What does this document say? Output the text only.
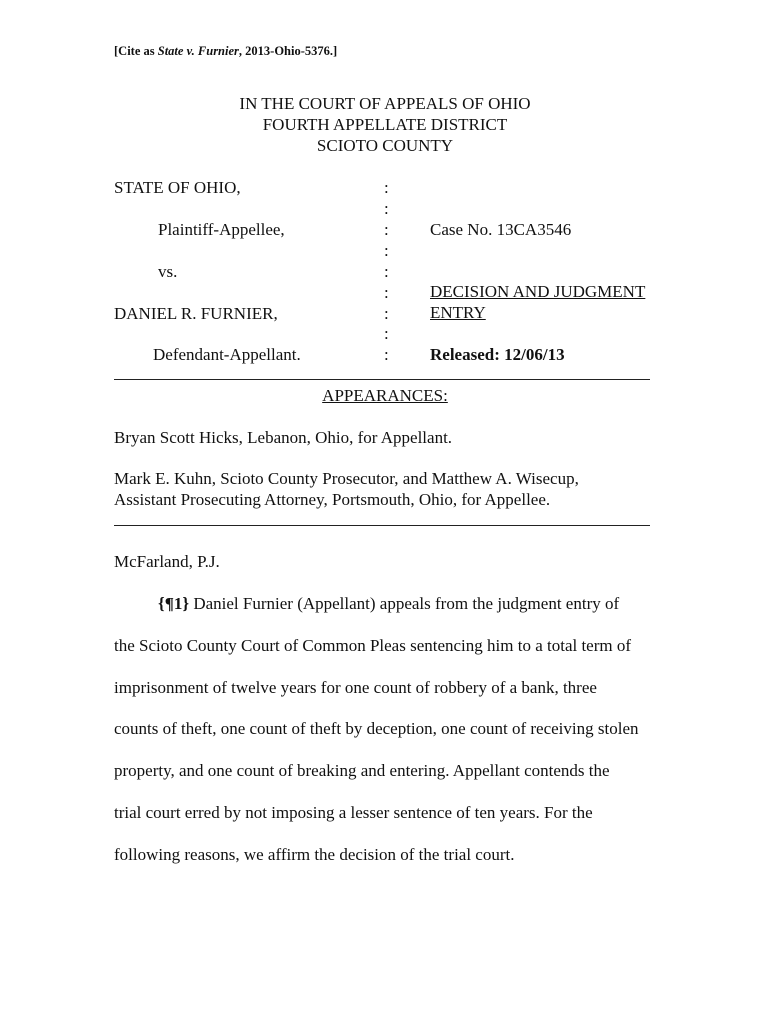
[Cite as State v. Furnier, 2013-Ohio-5376.]
IN THE COURT OF APPEALS OF OHIO
FOURTH APPELLATE DISTRICT
SCIOTO COUNTY
STATE OF OHIO,
Plaintiff-Appellee,
vs.
DANIEL R. FURNIER,
Defendant-Appellant.
:
:
:
:
:
:
:
:
:
Case No. 13CA3546
DECISION AND JUDGMENT
ENTRY
Released: 12/06/13
APPEARANCES:
Bryan Scott Hicks, Lebanon, Ohio, for Appellant.
Mark E. Kuhn, Scioto County Prosecutor, and Matthew A. Wisecup,
Assistant Prosecuting Attorney, Portsmouth, Ohio, for Appellee.
McFarland, P.J.
{¶1} Daniel Furnier (Appellant) appeals from the judgment entry of
the Scioto County Court of Common Pleas sentencing him to a total term of
imprisonment of twelve years for one count of robbery of a bank, three
counts of theft, one count of theft by deception, one count of receiving stolen
property, and one count of breaking and entering. Appellant contends the
trial court erred by not imposing a lesser sentence of ten years. For the
following reasons, we affirm the decision of the trial court.
